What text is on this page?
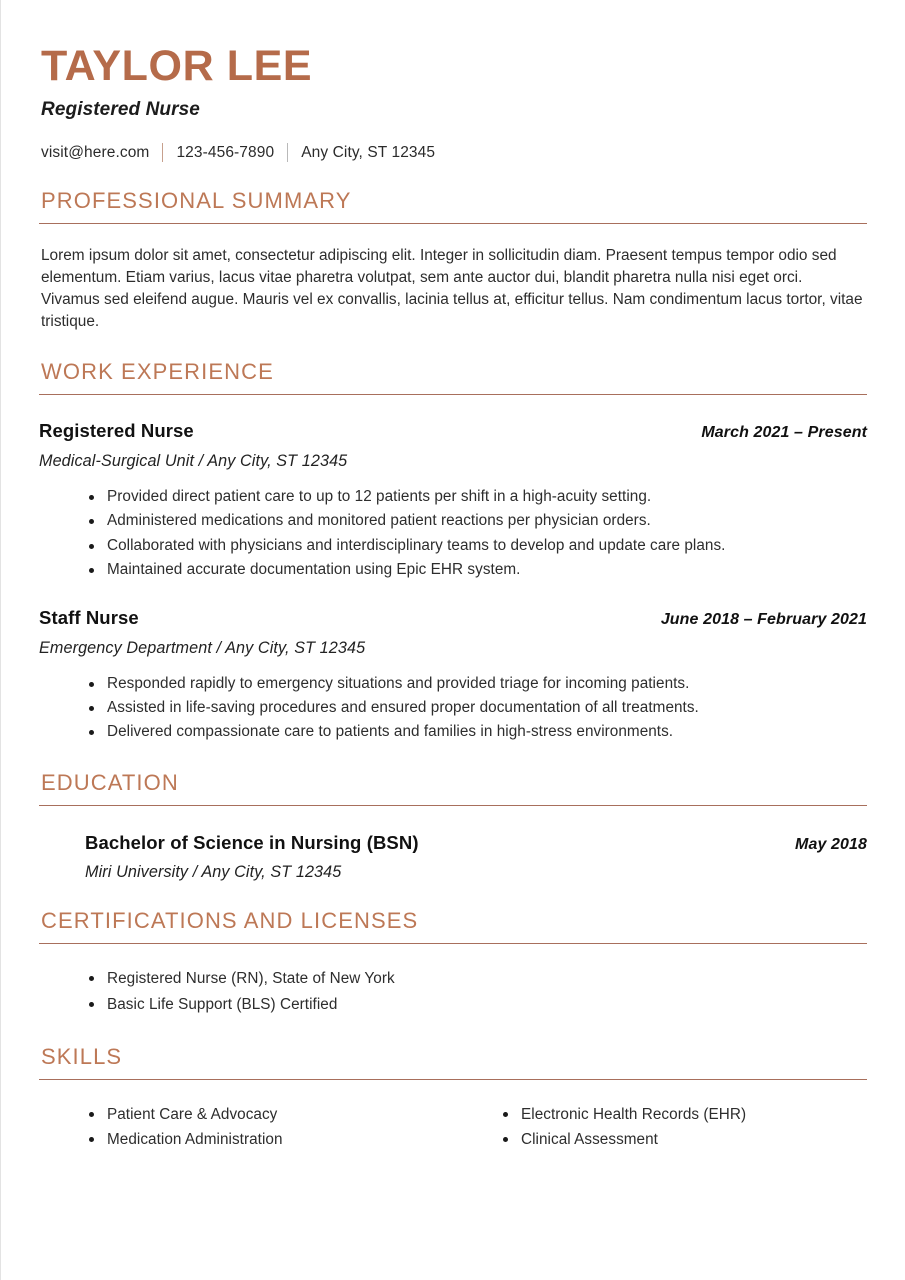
TAYLOR LEE
Registered Nurse
visit@here.com 123-456-7890 Any City, ST 12345
PROFESSIONAL SUMMARY

Lorem ipsum dolor sit amet, consectetur adipiscing elit. Integer in sollicitudin diam. Praesent tempus tempor odio sed elementum. Etiam varius, lacus vitae pharetra volutpat, sem ante auctor dui, blandit pharetra nulla nisi eget orci. Vivamus sed eleifend augue. Mauris vel ex convallis, lacinia tellus at, efficitur tellus. Nam condimentum lacus tortor, vitae tristique.

WORK EXPERIENCE
Registered Nurse	March 2021 – Present
Medical-Surgical Unit / Any City, ST 12345
Provided direct patient care to up to 12 patients per shift in a high-acuity setting.
Administered medications and monitored patient reactions per physician orders.
Collaborated with physicians and interdisciplinary teams to develop and update care plans.
Maintained accurate documentation using Epic EHR system.
Staff Nurse	June 2018 – February 2021
Emergency Department / Any City, ST 12345
Responded rapidly to emergency situations and provided triage for incoming patients.
Assisted in life-saving procedures and ensured proper documentation of all treatments.
Delivered compassionate care to patients and families in high-stress environments.
EDUCATION
Bachelor of Science in Nursing (BSN)	May 2018
Miri University / Any City, ST 12345
CERTIFICATIONS AND LICENSES
Registered Nurse (RN), State of New York
Basic Life Support (BLS) Certified
SKILLS
Patient Care & Advocacy
Medication Administration
Electronic Health Records (EHR)
Clinical Assessment
